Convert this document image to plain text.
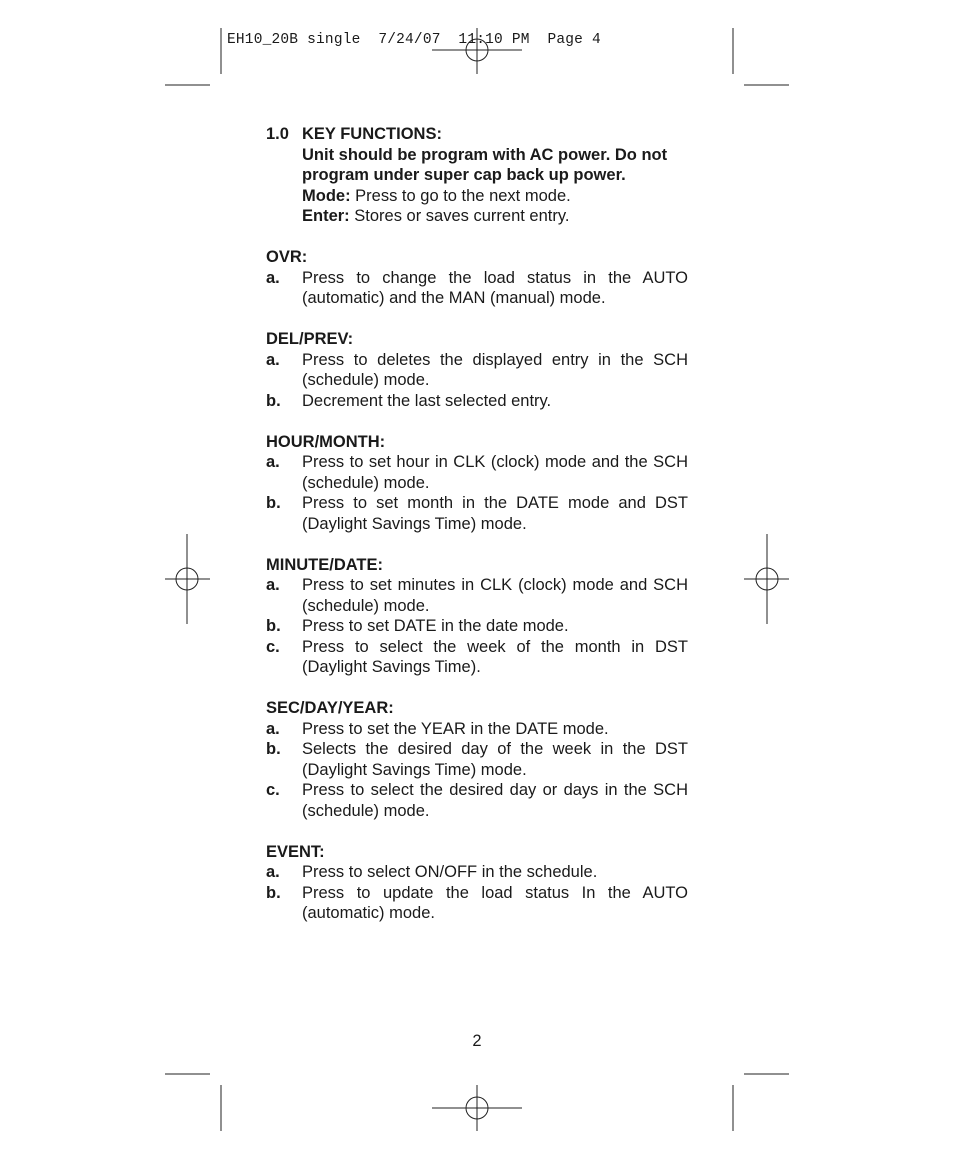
EH10_20B single  7/24/07  11:10 PM  Page 4
1.0 KEY FUNCTIONS:
Unit should be program with AC power. Do not program under super cap back up power.
Mode: Press to go to the next mode.
Enter: Stores or saves current entry.
OVR:
a.	Press to change the load status in the AUTO (automatic) and the MAN (manual) mode.
DEL/PREV:
a.	Press to deletes the displayed entry in the SCH (schedule) mode.
b.	Decrement the last selected entry.
HOUR/MONTH:
a.	Press to set hour in CLK (clock) mode and the SCH (schedule) mode.
b.	Press to set month in the DATE mode and DST (Daylight Savings Time) mode.
MINUTE/DATE:
a.	Press to set minutes in CLK (clock) mode and SCH (schedule) mode.
b.	Press to set DATE in the date mode.
c.	Press to select the week of the month in DST (Daylight Savings Time).
SEC/DAY/YEAR:
a.	Press to set the YEAR in the DATE mode.
b.	Selects the desired day of the week in the DST (Daylight Savings Time) mode.
c.	Press to select the desired day or days in the SCH (schedule) mode.
EVENT:
a.	Press to select ON/OFF in the schedule.
b.	Press to update the load status In the AUTO (automatic) mode.
2
